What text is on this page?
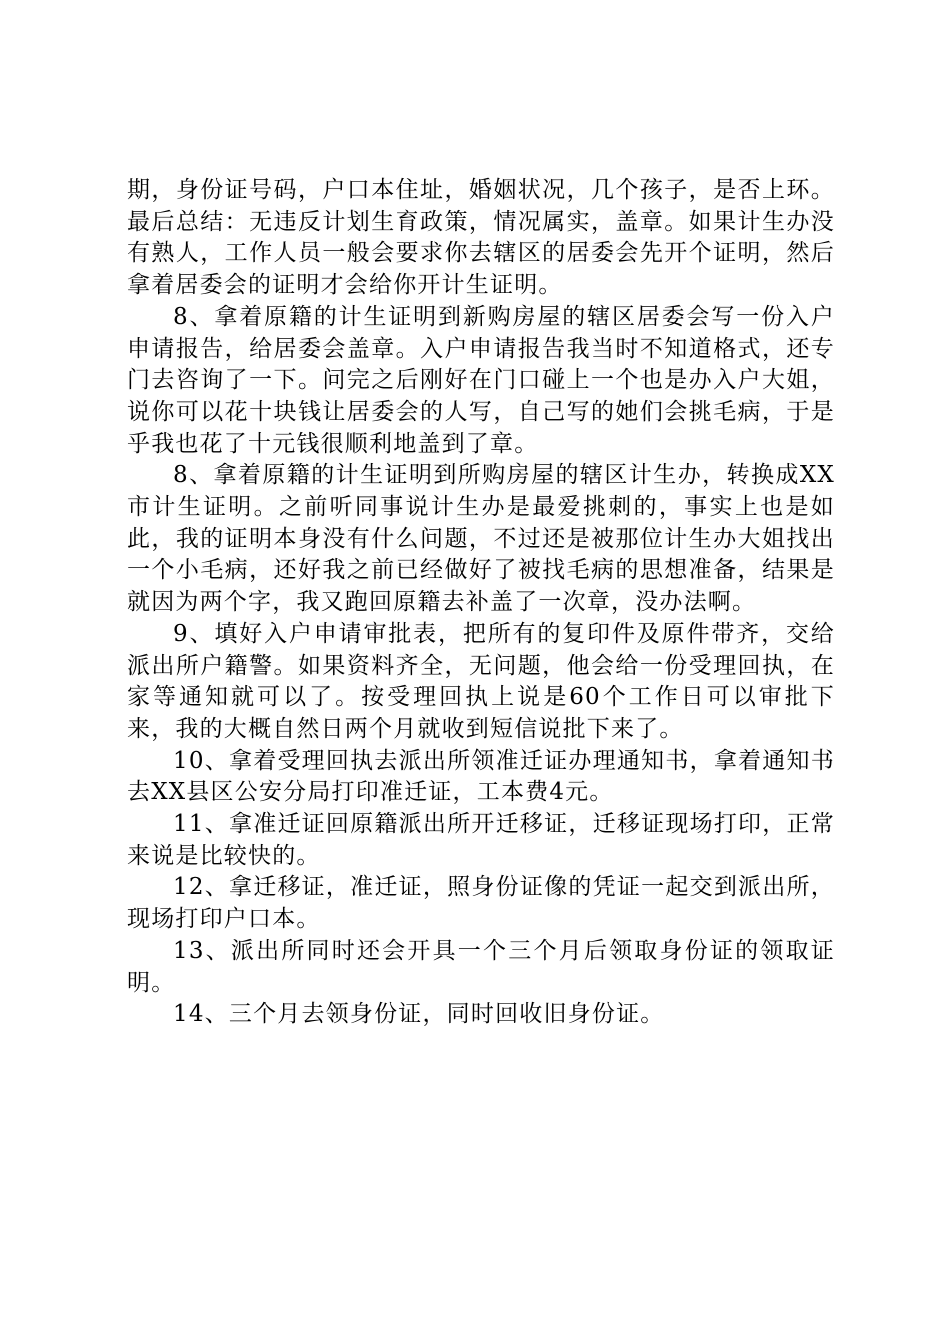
期，身份证号码，户口本住址，婚姻状况，几个孩子，是否上环。最后总结：无违反计划生育政策，情况属实，盖章。如果计生办没有熟人，工作人员一般会要求你去辖区的居委会先开个证明，然后拿着居委会的证明才会给你开计生证明。

8、拿着原籍的计生证明到新购房屋的辖区居委会写一份入户申请报告，给居委会盖章。入户申请报告我当时不知道格式，还专门去咨询了一下。问完之后刚好在门口碰上一个也是办入户大姐，说你可以花十块钱让居委会的人写，自己写的她们会挑毛病，于是乎我也花了十元钱很顺利地盖到了章。

8、拿着原籍的计生证明到所购房屋的辖区计生办，转换成XX市计生证明。之前听同事说计生办是最爱挑刺的，事实上也是如此，我的证明本身没有什么问题，不过还是被那位计生办大姐找出一个小毛病，还好我之前已经做好了被找毛病的思想准备，结果是就因为两个字，我又跑回原籍去补盖了一次章，没办法啊。

9、填好入户申请审批表，把所有的复印件及原件带齐，交给派出所户籍警。如果资料齐全，无问题，他会给一份受理回执，在家等通知就可以了。按受理回执上说是60个工作日可以审批下来，我的大概自然日两个月就收到短信说批下来了。

10、拿着受理回执去派出所领准迁证办理通知书，拿着通知书去XX县区公安分局打印准迁证，工本费4元。

11、拿准迁证回原籍派出所开迁移证，迁移证现场打印，正常来说是比较快的。

12、拿迁移证，准迁证，照身份证像的凭证一起交到派出所，现场打印户口本。

13、派出所同时还会开具一个三个月后领取身份证的领取证明。

14、三个月去领身份证，同时回收旧身份证。
